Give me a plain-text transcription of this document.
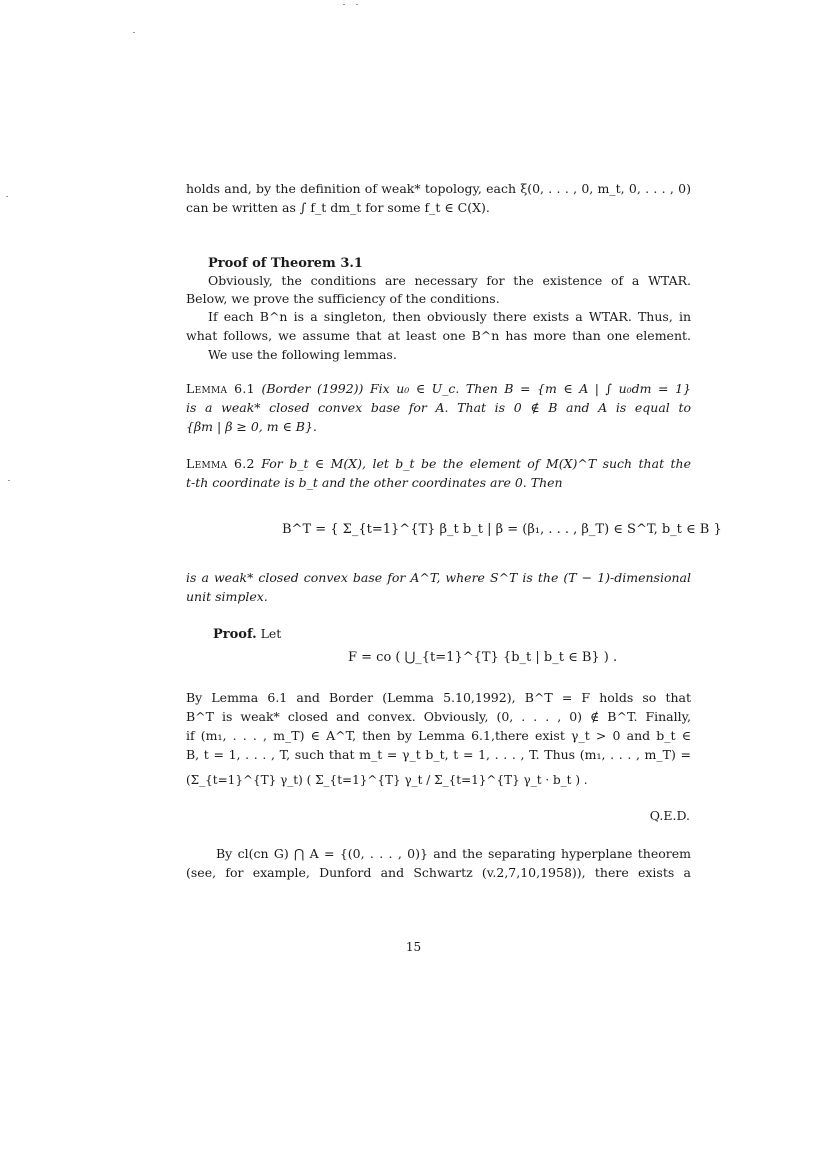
holds and, by the definition of weak* topology, each ξ(0, . . . , 0, m_t, 0, . . . , 0)
can be written as ∫ f_t dm_t for some f_t ∈ C(X).
Proof of Theorem 3.1
Obviously, the conditions are necessary for the existence of a WTAR.
Below, we prove the sufficiency of the conditions.
If each B^n is a singleton, then obviously there exists a WTAR. Thus, in
what follows, we assume that at least one B^n has more than one element.
We use the following lemmas.
Lemma 6.1 (Border (1992)) Fix u₀ ∈ U_c. Then B = {m ∈ A | ∫ u₀dm = 1}
is a weak* closed convex base for A. That is 0 ∉ B and A is equal to
{βm | β ≥ 0, m ∈ B}.
Lemma 6.2 For b_t ∈ M(X), let b_t be the element of M(X)^T such that the
t-th coordinate is b_t and the other coordinates are 0. Then
B^T = { Σ_{t=1}^{T} β_t b_t | β = (β₁, . . . , β_T) ∈ S^T, b_t ∈ B }
is a weak* closed convex base for A^T, where S^T is the (T − 1)-dimensional
unit simplex.
Proof. Let
F = co ( ⋃_{t=1}^{T} {b_t | b_t ∈ B} ) .
By Lemma 6.1 and Border (Lemma 5.10,1992), B^T = F holds so that
B^T is weak* closed and convex. Obviously, (0, . . . , 0) ∉ B^T. Finally,
if (m₁, . . . , m_T) ∈ A^T, then by Lemma 6.1,there exist γ_t > 0 and b_t ∈
B, t = 1, . . . , T, such that m_t = γ_t b_t, t = 1, . . . , T. Thus (m₁, . . . , m_T) =
(Σ_{t=1}^{T} γ_t) ( Σ_{t=1}^{T} γ_t / Σ_{t=1}^{T} γ_t · b_t ) .
Q.E.D.
By cl(cn G) ⋂ A = {(0, . . . , 0)} and the separating hyperplane theorem
(see, for example, Dunford and Schwartz (v.2,7,10,1958)), there exists a
15
